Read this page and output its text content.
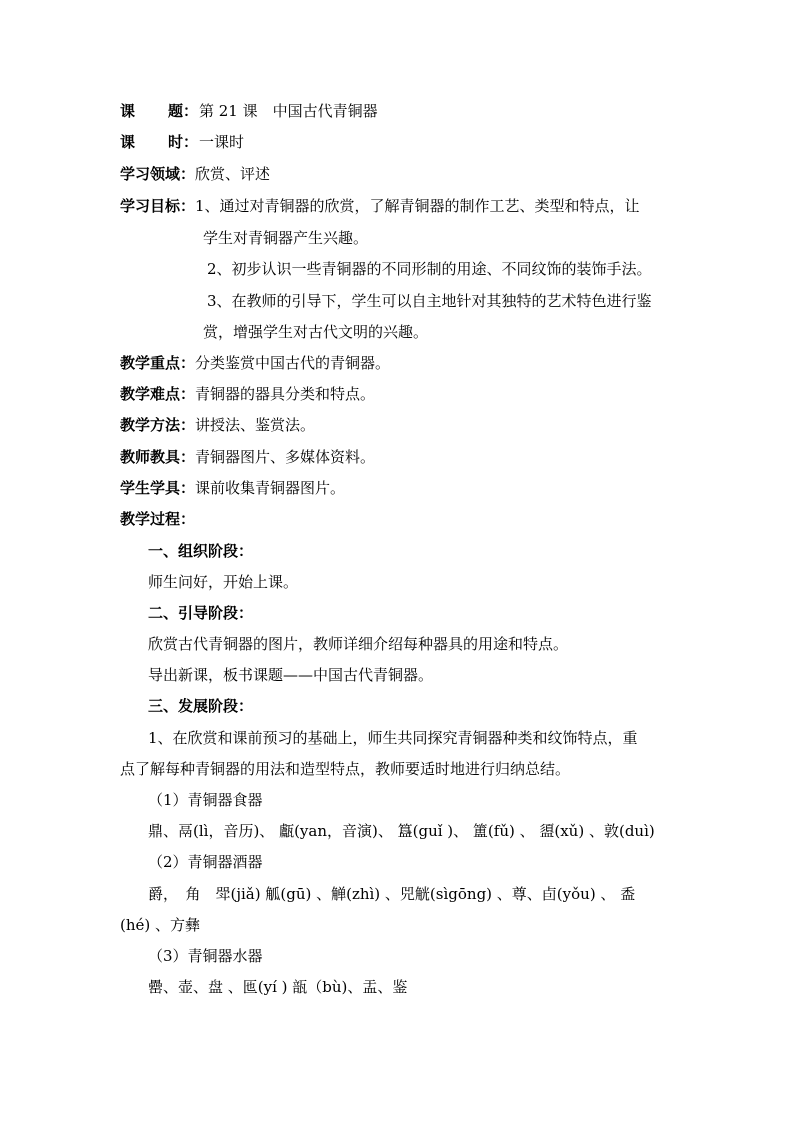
课 题：第 21 课　中国古代青铜器
课 时：一课时
学习领域：欣赏、评述
学习目标：1、通过对青铜器的欣赏，了解青铜器的制作工艺、类型和特点，让
学生对青铜器产生兴趣。
2、初步认识一些青铜器的不同形制的用途、不同纹饰的装饰手法。
3、在教师的引导下，学生可以自主地针对其独特的艺术特色进行鉴
赏，增强学生对古代文明的兴趣。
教学重点：分类鉴赏中国古代的青铜器。
教学难点：青铜器的器具分类和特点。
教学方法：讲授法、鉴赏法。
教师教具：青铜器图片、多媒体资料。
学生学具：课前收集青铜器图片。
教学过程：
一、组织阶段：
师生问好，开始上课。
二、引导阶段：
欣赏古代青铜器的图片，教师详细介绍每种器具的用途和特点。
导出新课，板书课题——中国古代青铜器。
三、发展阶段：
1、在欣赏和课前预习的基础上，师生共同探究青铜器种类和纹饰特点，重
点了解每种青铜器的用法和造型特点，教师要适时地进行归纳总结。
（1）青铜器食器
鼎、鬲(lì，音历)、 甗(yan，音演)、 簋(guǐ )、 簠(fǔ) 、 盨(xǔ) 、敦(duì)
（2）青铜器酒器
爵，　角　斝(jiǎ) 觚(gū) 、觯(zhì) 、兕觥(sìgōng) 、尊、卣(yǒu) 、 盉
(hé) 、方彝
（3）青铜器水器
罍、壶、盘 、匜(yí ) 瓿（bù)、盂、鉴
